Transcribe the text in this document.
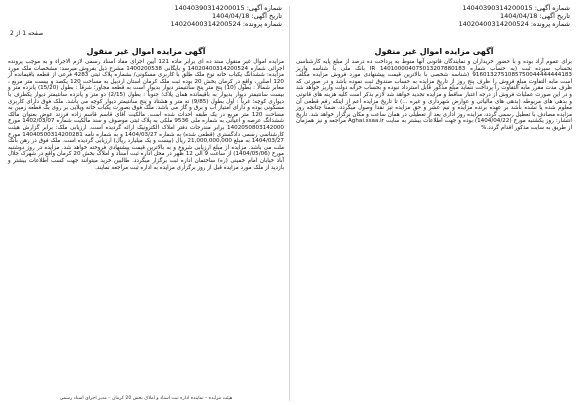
شماره آگهی: 14040390314200015
تاریخ آگهی: 1404/04/18
شماره پرونده: 14020400314200524
آگهی مزایده اموال غیر منقول
برای عموم آراد بوده و با حضور خریداران و نمایندگان قانونی آنها منوط به پرداخت ده درصد از مبلغ پایه کارشناسی بحساب سپرده ثبت (به حساب شماره IR 140100004075013207880183 بانک ملی با شناسه واریز 9160132751085750044444444183 (شناسه شخصی با بالاترین قیمت پیشنهادی مورد فروش مزایده مکلف است مابه التفاوت مبلغ فروش را ظرف پنج روز از تاریخ مزایده به حساب صندوق ثبت نموده باشد و در صورتی که ظرف مدت مقرر مابه التفاوت را پرداخت ننماید مبلغ مذکور قابل استرداد نبوده و بحساب خزانه دولت واریز خواهد شد و در این صورت عملیات فروش از درجه اعتبار ساقط و مزایده تجدید خواهد شد لازم بذکر است کلیه هزینه های قانونی و بدهی های مربوطه (بدهی های مالیاتی و عوارض شهرداری و غیره ...) تا تاریخ مزایده اعم از اینکه رقم قطعی آن معلوم شده یا نشده باشد بر عهده برنده مزایده و نیم عشر و حق مزایده نیز نقدا وصول میگردد. ضمنا چنانچه روز مزایده مصادف با تعطیل رسمی گردد، مزایده روز اداری بعد از تعطیلی در همان ساعت و مکان برگزار خواهد شد. تاریخ انتشار: روز یکشنبه مورخ (1404/04/22) بوده و جهت اطلاعات بیشتر به سایت Aghai.ssaa.ir مراجعه و نیز همزمان از طریق به سایت مذکور اقدام گردد.%
شماره آگهی: 14040390314200015
تاریخ آگهی: 1404/04/18
شماره پرونده: 14020400314200524
صفحه 1 از 2
آگهی مزایده اموال غیر منقول
مزایده اموال غیر منقول سند ده ای برابر ماده 121 آیین اجرای مفاد اسناد رسمی لازم الاجراء و به موجب پرونده اجرائی شماره 14020400314200524 و بایگانی 1400200538 مشرح ذیل بفروش میرسد: مشخصات ملک مورد مزایده: ششدانگ یکباب خانه نوع ملک طلق با کاربری مسکونی/ بشماره پلاک ثبتی 4283 فرعی از قطعه باقیمانده از 120 اصلی ، واقع در کرمان بخش 20 بوده ثبت ملک کرمان استان اردبیل به مساحت 120 یکصد و بیست متر مربع ، معابر شمالاً : بطول (10) پنج متر پنج سانتیمتر دیوار بدیوار است به قطعه مجاور؛ شرقاً : بطول (15/20) پانزده متر و بیست سانتیمتر دیوار بدیوار به باقیمانده همان پلاک؛ جنوباً : بطول (2/15) دو متر و پانزده سانتیمتر دیوار یکطرف با دیواری کوچه؛ غرباً : اول بطول (9/85) نه متر و هشتاد و پنج سانتیمتر دیوار کوچه می باشد. ملک فوق دارای کاربری مسکونی بوده و دارای امتیاز آب و برق و گاز می باشد. ملک فوق بصورت یکباب خانه ویلایی بر روی یک قطعه زمین به مساحت 120 متر مربع در یک طبقه احداث شده است. مالکیت آقای قاسم قاسم زاده فرزند عوض بعنوان مالک ششدانگ عرصه و اعیانی به شماره ملی 9536 ملکی به پلاک ثبتی موصوف و سند مالکیت شماره 1402/03/07 مورخ 1402050803142000 برابر مندرجات دفتر املاک الکترونیک ارائه گردیده است. ارزیابی ملک: برابر گزارش هیئت کارشناسی رسمی دادگستری (قطعی شده) به شماره 1404/03/27 و به شماره نامه 14040500314200281 مورخ 1404/03/27 به مبلغ 21,000,000,000 ریال (بیست و یک میلیارد ریال) ارزیابی گردیده است. ملک فوق در رهن بانک ملت می باشد. مزایده از مبلغ ارزیابی شروع و به بالاترین قیمت پیشنهادی فروخته خواهد شد. مزایده در روز دوشنبه مورخ (1404/05/06) از ساعت 9 الی 12 ظهر در محل اداره ثبت اسناد و املاک بخش 20 کرمان واقع در شهرک جلال آباد خیابان امام خمینی (ره) ساختمان اداره ثبت برگزار میگردد. طالبین خرید میتوانند جهت کسب اطلاعات بیشتر و بازدید از ملک مورد مزایده قبل از روز برگزاری مزایده به اداره ثبت مراجعه نمایند.
هیئت مزایده – نماینده اداره ثبت اسناد و املاک بخش 20 کرمان – مدیر اجرای اسناد رسمی
